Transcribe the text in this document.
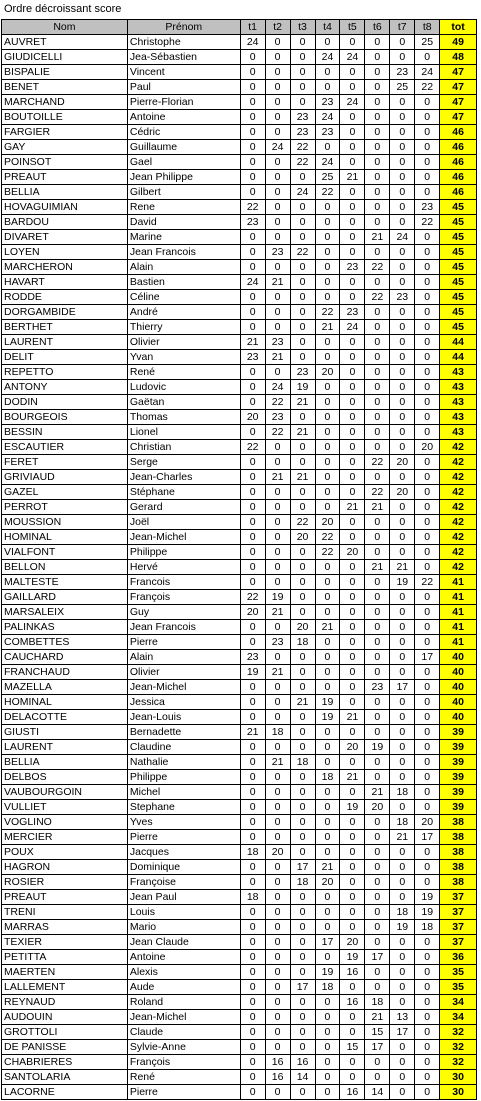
Ordre décroissant score
Nom	Prénom	t1	t2	t3	t4	t5	t6	t7	t8	tot
AUVRET	Christophe	24	0	0	0	0	0	0	25	49
GIUDICELLI	Jea-Sébastien	0	0	0	24	24	0	0	0	48
BISPALIE	Vincent	0	0	0	0	0	0	23	24	47
BENET	Paul	0	0	0	0	0	0	25	22	47
MARCHAND	Pierre-Florian	0	0	0	23	24	0	0	0	47
BOUTOILLE	Antoine	0	0	23	24	0	0	0	0	47
FARGIER	Cédric	0	0	23	23	0	0	0	0	46
GAY	Guillaume	0	24	22	0	0	0	0	0	46
POINSOT	Gael	0	0	22	24	0	0	0	0	46
PREAUT	Jean Philippe	0	0	0	25	21	0	0	0	46
BELLIA	Gilbert	0	0	24	22	0	0	0	0	46
HOVAGUIMIAN	Rene	22	0	0	0	0	0	0	23	45
BARDOU	David	23	0	0	0	0	0	0	22	45
DIVARET	Marine	0	0	0	0	0	21	24	0	45
LOYEN	Jean Francois	0	23	22	0	0	0	0	0	45
MARCHERON	Alain	0	0	0	0	23	22	0	0	45
HAVART	Bastien	24	21	0	0	0	0	0	0	45
RODDE	Céline	0	0	0	0	0	22	23	0	45
DORGAMBIDE	André	0	0	0	22	23	0	0	0	45
BERTHET	Thierry	0	0	0	21	24	0	0	0	45
LAURENT	Olivier	21	23	0	0	0	0	0	0	44
DELIT	Yvan	23	21	0	0	0	0	0	0	44
REPETTO	René	0	0	23	20	0	0	0	0	43
ANTONY	Ludovic	0	24	19	0	0	0	0	0	43
DODIN	Gaëtan	0	22	21	0	0	0	0	0	43
BOURGEOIS	Thomas	20	23	0	0	0	0	0	0	43
BESSIN	Lionel	0	22	21	0	0	0	0	0	43
ESCAUTIER	Christian	22	0	0	0	0	0	0	20	42
FERET	Serge	0	0	0	0	0	22	20	0	42
GRIVIAUD	Jean-Charles	0	21	21	0	0	0	0	0	42
GAZEL	Stéphane	0	0	0	0	0	22	20	0	42
PERROT	Gerard	0	0	0	0	21	21	0	0	42
MOUSSION	Joël	0	0	22	20	0	0	0	0	42
HOMINAL	Jean-Michel	0	0	20	22	0	0	0	0	42
VIALFONT	Philippe	0	0	0	22	20	0	0	0	42
BELLON	Hervé	0	0	0	0	0	21	21	0	42
MALTESTE	Francois	0	0	0	0	0	0	19	22	41
GAILLARD	François	22	19	0	0	0	0	0	0	41
MARSALEIX	Guy	20	21	0	0	0	0	0	0	41
PALINKAS	Jean Francois	0	0	20	21	0	0	0	0	41
COMBETTES	Pierre	0	23	18	0	0	0	0	0	41
CAUCHARD	Alain	23	0	0	0	0	0	0	17	40
FRANCHAUD	Olivier	19	21	0	0	0	0	0	0	40
MAZELLA	Jean-Michel	0	0	0	0	0	23	17	0	40
HOMINAL	Jessica	0	0	21	19	0	0	0	0	40
DELACOTTE	Jean-Louis	0	0	0	19	21	0	0	0	40
GIUSTI	Bernadette	21	18	0	0	0	0	0	0	39
LAURENT	Claudine	0	0	0	0	20	19	0	0	39
BELLIA	Nathalie	0	21	18	0	0	0	0	0	39
DELBOS	Philippe	0	0	0	18	21	0	0	0	39
VAUBOURGOIN	Michel	0	0	0	0	0	21	18	0	39
VULLIET	Stephane	0	0	0	0	19	20	0	0	39
VOGLINO	Yves	0	0	0	0	0	0	18	20	38
MERCIER	Pierre	0	0	0	0	0	0	21	17	38
POUX	Jacques	18	20	0	0	0	0	0	0	38
HAGRON	Dominique	0	0	17	21	0	0	0	0	38
ROSIER	Françoise	0	0	18	20	0	0	0	0	38
PREAUT	Jean Paul	18	0	0	0	0	0	0	19	37
TRENI	Louis	0	0	0	0	0	0	18	19	37
MARRAS	Mario	0	0	0	0	0	0	19	18	37
TEXIER	Jean Claude	0	0	0	17	20	0	0	0	37
PETITTA	Antoine	0	0	0	0	19	17	0	0	36
MAERTEN	Alexis	0	0	0	19	16	0	0	0	35
LALLEMENT	Aude	0	0	17	18	0	0	0	0	35
REYNAUD	Roland	0	0	0	0	16	18	0	0	34
AUDOUIN	Jean-Michel	0	0	0	0	0	21	13	0	34
GROTTOLI	Claude	0	0	0	0	0	15	17	0	32
DE PANISSE	Sylvie-Anne	0	0	0	0	15	17	0	0	32
CHABRIERES	François	0	16	16	0	0	0	0	0	32
SANTOLARIA	René	0	16	14	0	0	0	0	0	30
LACORNE	Pierre	0	0	0	0	16	14	0	0	30
